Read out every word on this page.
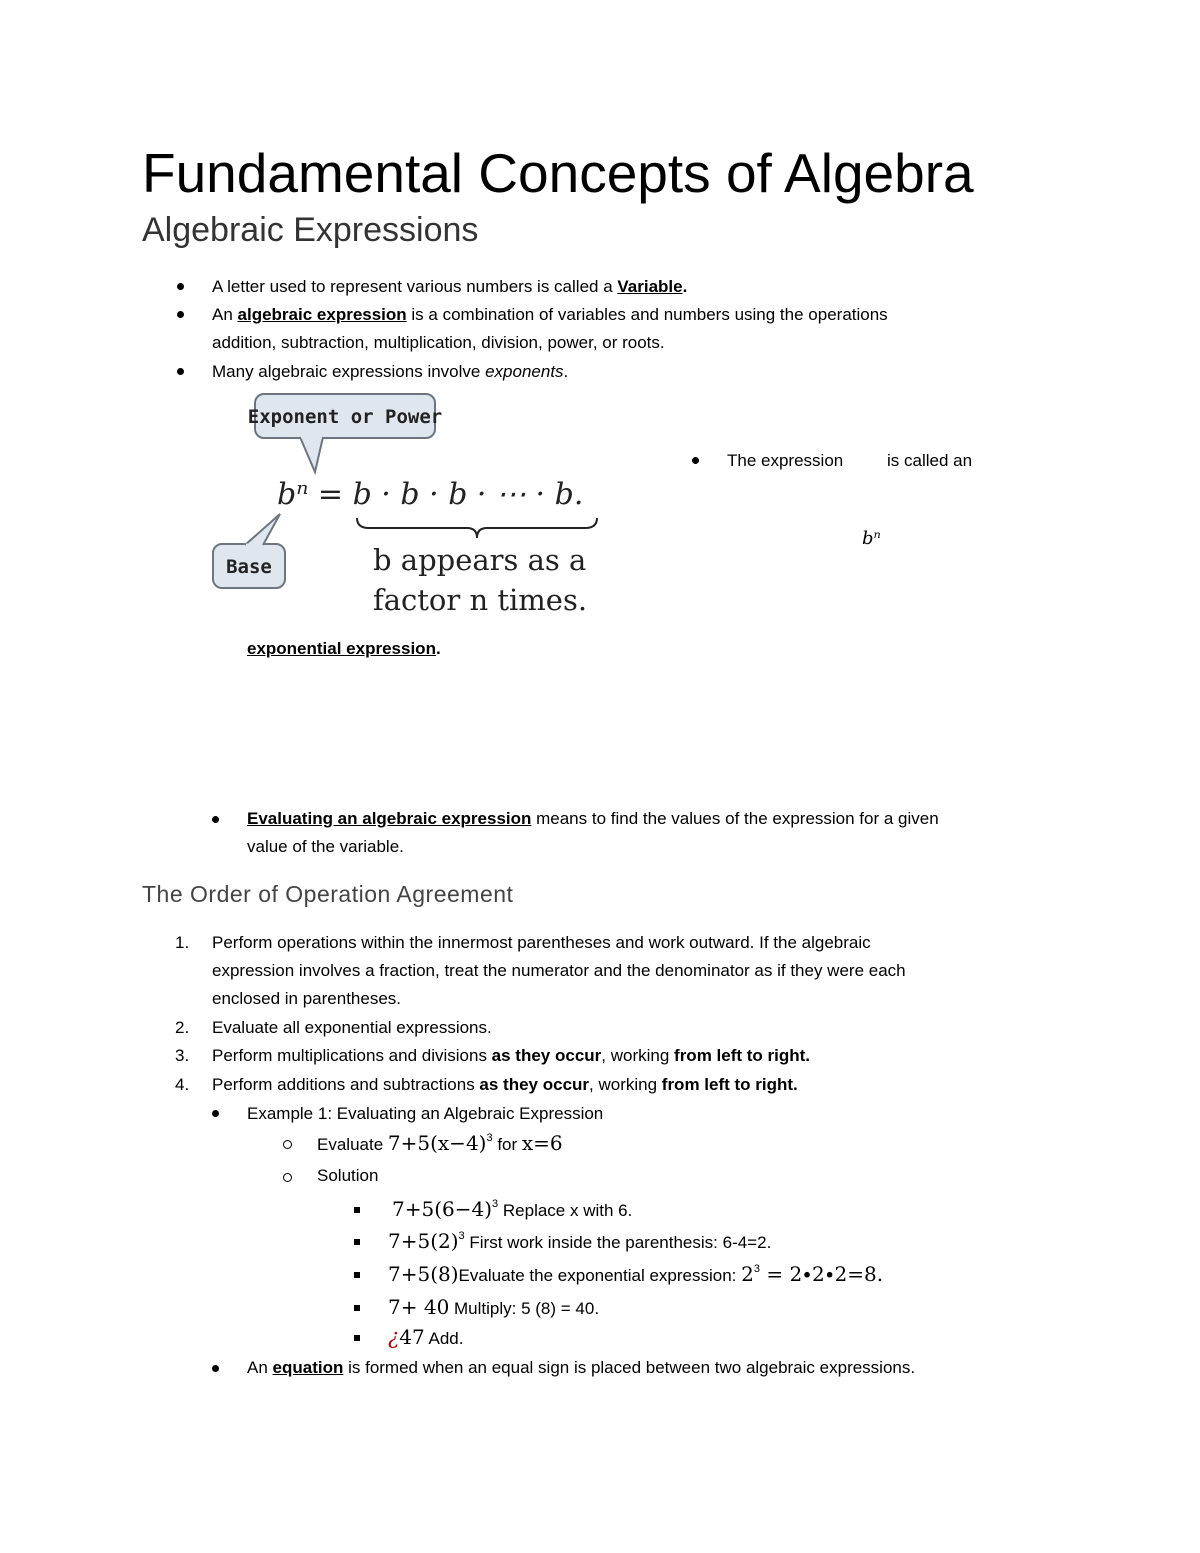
Fundamental Concepts of Algebra
Algebraic Expressions
A letter used to represent various numbers is called a Variable.
An algebraic expression is a combination of variables and numbers using the operations
addition, subtraction, multiplication, division, power, or roots.
Many algebraic expressions involve exponents.
Exponent or Power
Base
bⁿ = b · b · b · ⋯ · b.
b appears as a
factor n times.
The expression	is called an
bⁿ
exponential expression.
Evaluating an algebraic expression means to find the values of the expression for a given
value of the variable.
The Order of Operation Agreement
1. Perform operations within the innermost parentheses and work outward. If the algebraic
expression involves a fraction, treat the numerator and the denominator as if they were each
enclosed in parentheses.
2. Evaluate all exponential expressions.
3. Perform multiplications and divisions as they occur, working from left to right.
4. Perform additions and subtractions as they occur, working from left to right.
Example 1: Evaluating an Algebraic Expression
Evaluate $7+5(x-4)^3$ for x=6
Solution
$7+5(6-4)^3$ Replace x with 6.
$7+5(2)^3$ First work inside the parenthesis: 6-4=2.
7+5(8)Evaluate the exponential expression: $2^3 = 2\cdot 2\cdot 2=8$.
7+ 40 Multiply: 5 (8) = 40.
¿47 Add.
An equation is formed when an equal sign is placed between two algebraic expressions.
